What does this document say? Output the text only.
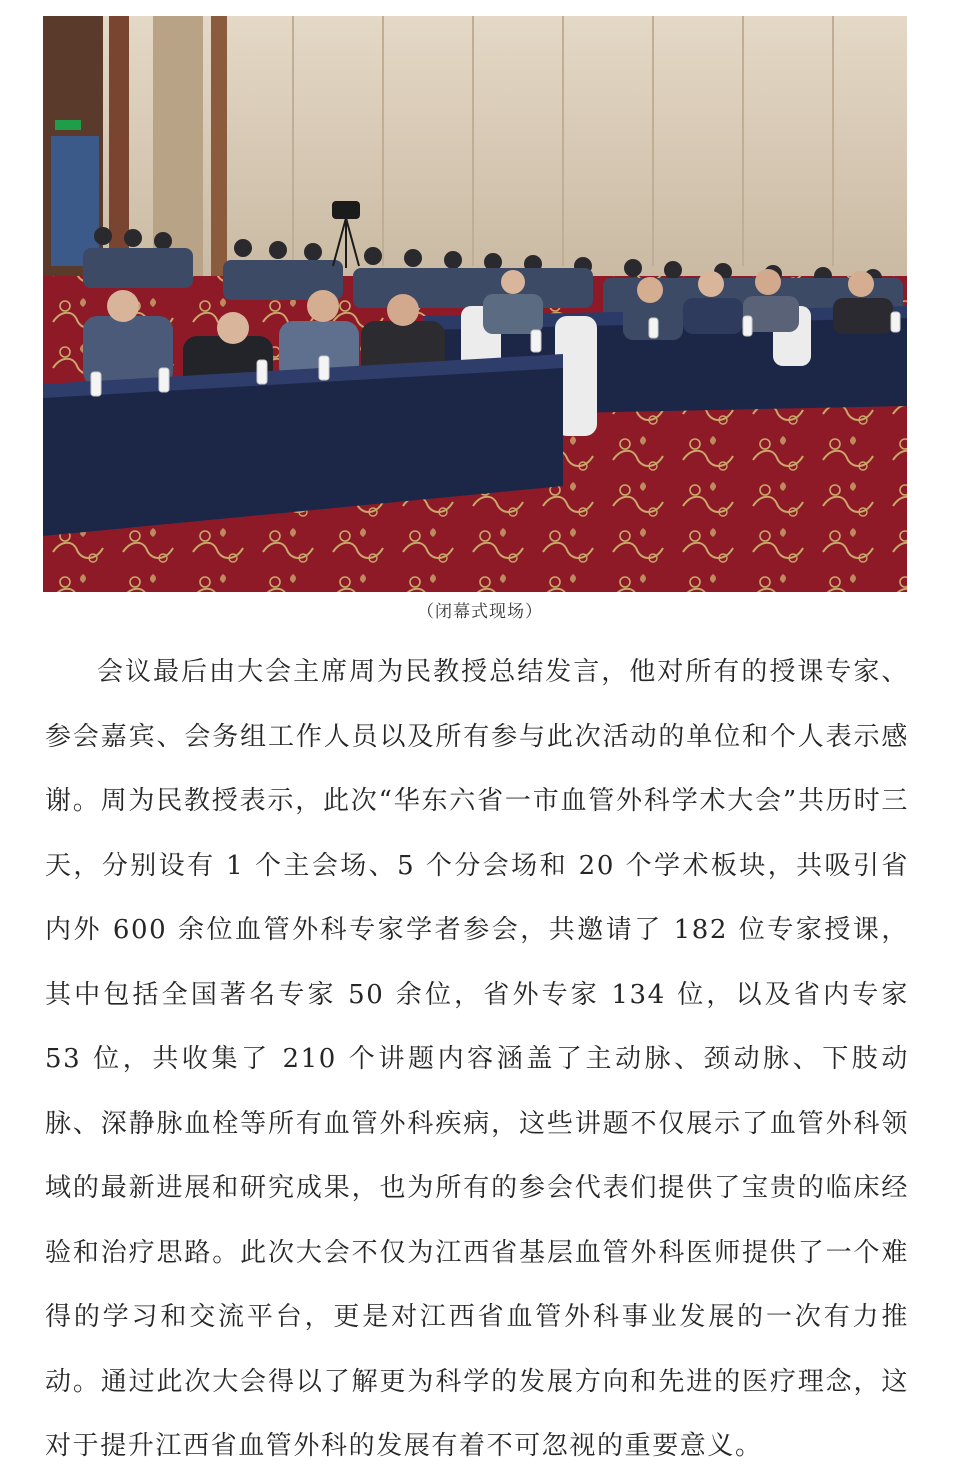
（闭幕式现场）

会议最后由大会主席周为民教授总结发言，他对所有的授课专家、参会嘉宾、会务组工作人员以及所有参与此次活动的单位和个人表示感谢。周为民教授表示，此次“华东六省一市血管外科学术大会”共历时三天，分别设有 1 个主会场、5 个分会场和 20 个学术板块，共吸引省内外 600 余位血管外科专家学者参会，共邀请了 182 位专家授课，其中包括全国著名专家 50 余位，省外专家 134 位，以及省内专家 53 位，共收集了 210 个讲题内容涵盖了主动脉、颈动脉、下肢动脉、深静脉血栓等所有血管外科疾病，这些讲题不仅展示了血管外科领域的最新进展和研究成果，也为所有的参会代表们提供了宝贵的临床经验和治疗思路。此次大会不仅为江西省基层血管外科医师提供了一个难得的学习和交流平台，更是对江西省血管外科事业发展的一次有力推动。通过此次大会得以了解更为科学的发展方向和先进的医疗理念，这对于提升江西省血管外科的发展有着不可忽视的重要意义。
